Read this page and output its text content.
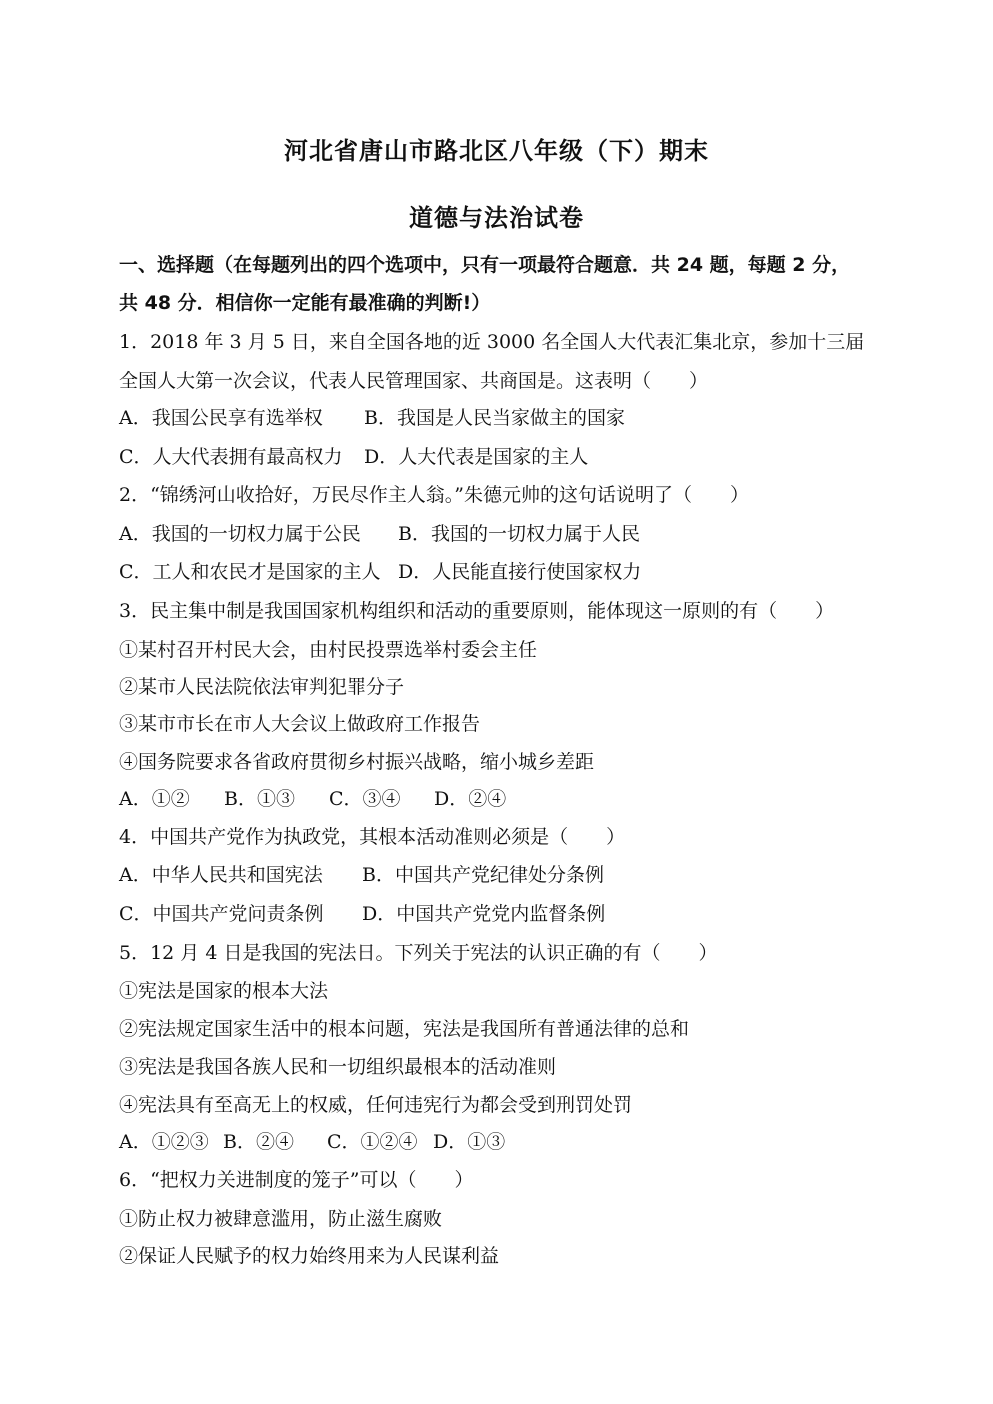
河北省唐山市路北区八年级（下）期末
道德与法治试卷
一、选择题（在每题列出的四个选项中，只有一项最符合题意．共 24 题，每题 2 分，
共 48 分．相信你一定能有最准确的判断!）
1．2018 年 3 月 5 日，来自全国各地的近 3000 名全国人大代表汇集北京，参加十三届
全国人大第一次会议，代表人民管理国家、共商国是。这表明（　　）
A．我国公民享有选举权 B．我国是人民当家做主的国家
C．人大代表拥有最高权力 D．人大代表是国家的主人
2．“锦绣河山收拾好，万民尽作主人翁。”朱德元帅的这句话说明了（　　）
A．我国的一切权力属于公民 B．我国的一切权力属于人民
C．工人和农民才是国家的主人 D．人民能直接行使国家权力
3．民主集中制是我国国家机构组织和活动的重要原则，能体现这一原则的有（　　）
①某村召开村民大会，由村民投票选举村委会主任
②某市人民法院依法审判犯罪分子
③某市市长在市人大会议上做政府工作报告
④国务院要求各省政府贯彻乡村振兴战略，缩小城乡差距
A．①② B．①③ C．③④ D．②④
4．中国共产党作为执政党，其根本活动准则必须是（　　）
A．中华人民共和国宪法 B．中国共产党纪律处分条例
C．中国共产党问责条例 D．中国共产党党内监督条例
5．12 月 4 日是我国的宪法日。下列关于宪法的认识正确的有（　　）
①宪法是国家的根本大法
②宪法规定国家生活中的根本问题，宪法是我国所有普通法律的总和
③宪法是我国各族人民和一切组织最根本的活动准则
④宪法具有至高无上的权威，任何违宪行为都会受到刑罚处罚
A．①②③ B．②④ C．①②④ D．①③
6．“把权力关进制度的笼子”可以（　　）
①防止权力被肆意滥用，防止滋生腐败
②保证人民赋予的权力始终用来为人民谋利益
